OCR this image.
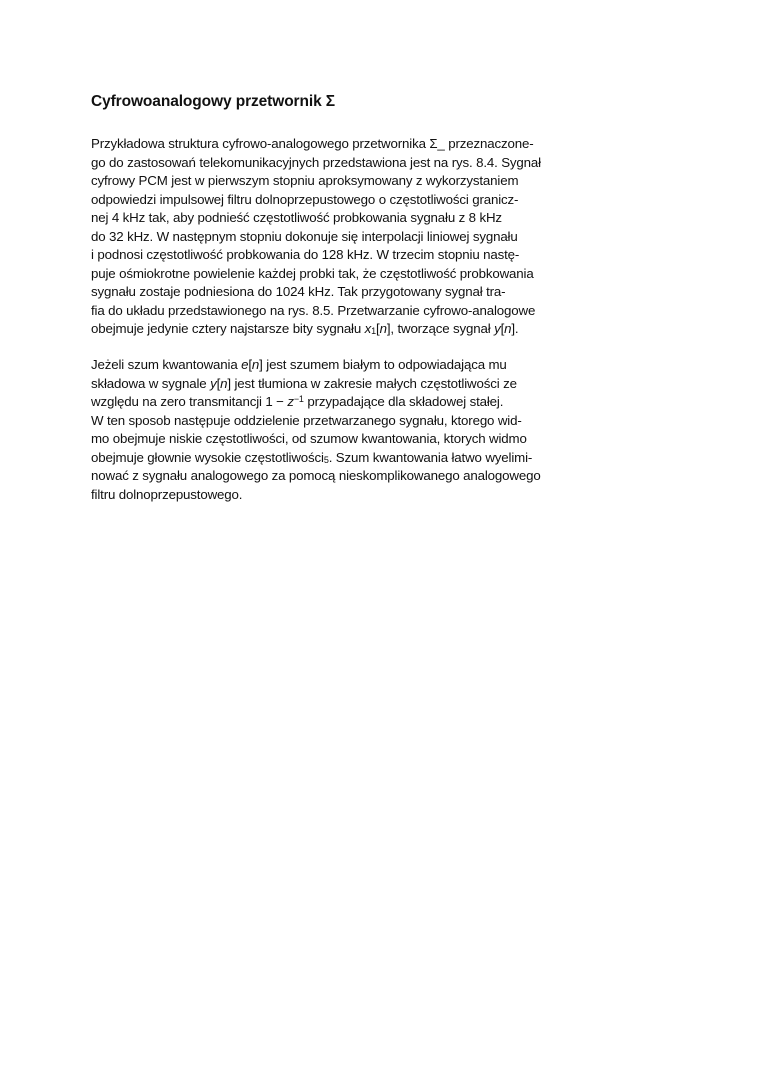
Cyfrowoanalogowy przetwornik Σ

Przykładowa struktura cyfrowo-analogowego przetwornika Σ_ przeznaczone-
go do zastosowań telekomunikacyjnych przedstawiona jest na rys. 8.4. Sygnał
cyfrowy PCM jest w pierwszym stopniu aproksymowany z wykorzystaniem
odpowiedzi impulsowej filtru dolnoprzepustowego o częstotliwości granicz-
nej 4 kHz tak, aby podnieść częstotliwość probkowania sygnału z 8 kHz
do 32 kHz. W następnym stopniu dokonuje się interpolacji liniowej sygnału
i podnosi częstotliwość probkowania do 128 kHz. W trzecim stopniu nastę-
puje ośmiokrotne powielenie każdej probki tak, że częstotliwość probkowania
sygnału zostaje podniesiona do 1024 kHz. Tak przygotowany sygnał tra-
fia do układu przedstawionego na rys. 8.5. Przetwarzanie cyfrowo-analogowe
obejmuje jedynie cztery najstarsze bity sygnału $x_1[n]$, tworzące sygnał y[n].

Jeżeli szum kwantowania e[n] jest szumem białym to odpowiadająca mu
składowa w sygnale y[n] jest tłumiona w zakresie małych częstotliwości ze
względu na zero transmitancji $1 - z^{-1}$ przypadające dla składowej stałej.
W ten sposob następuje oddzielenie przetwarzanego sygnału, ktorego wid-
mo obejmuje niskie częstotliwości, od szumow kwantowania, ktorych widmo
obejmuje głownie wysokie częstotliwości$_5$. Szum kwantowania łatwo wyelimi-
nować z sygnału analogowego za pomocą nieskomplikowanego analogowego
filtru dolnoprzepustowego.
